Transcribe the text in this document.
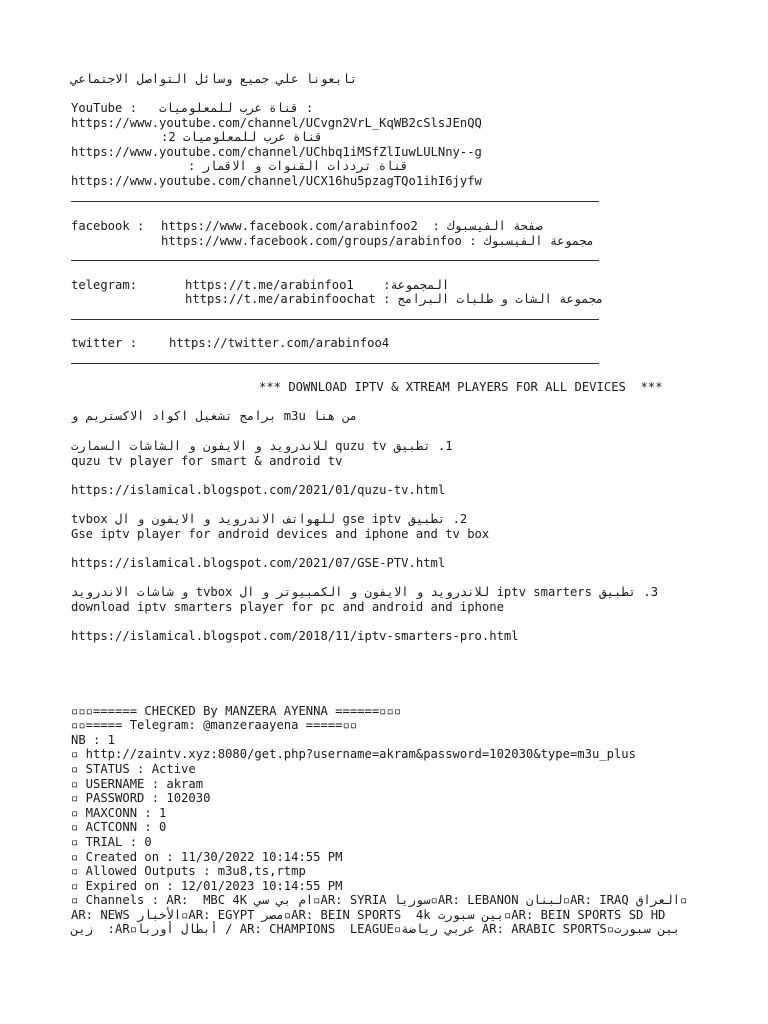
تابعونا علي جميع وسائل التواصل الاجتماعي
YouTube : قناة عرب للمعلوميات :
https://www.youtube.com/channel/UCvgn2VrL_KqWB2cSlsJEnQQ
قناة عرب للمعلوميات 2:
https://www.youtube.com/channel/UChbq1iMSfZlIuwLULNny--g
قناة ترددات القنوات و الاقمار :
https://www.youtube.com/channel/UCX16hu5pzagTQo1ihI6jyfw
facebook :	صفحة الفيسبوك :  https://www.facebook.com/arabinfoo2
مجموعة الفيسبوك : https://www.facebook.com/groups/arabinfoo
telegram:	المجموعة:    https://t.me/arabinfoo1
مجموعة الشات و طلبات البرامج : https://t.me/arabinfoochat
twitter :	https://twitter.com/arabinfoo4
*** DOWNLOAD IPTV & XTREAM PLAYERS FOR ALL DEVICES  ***
من هنا m3u برامج تشغيل اكواد الاكستريم و
1. تطبيق quzu tv للاندرويد و الايفون و الشاشات السمارت
quzu tv player for smart & android tv
https://islamical.blogspot.com/2021/01/quzu-tv.html
2. تطبيق gse iptv للهواتف الاندرويد و الايفون و ال tvbox
Gse iptv player for android devices and iphone and tv box
https://islamical.blogspot.com/2021/07/GSE-PTV.html
3. تطبيق iptv smarters للاندرويد و الايفون و الكمبيوتر و ال tvbox و شاشات الاندرويد
download iptv smarters player for pc and android and iphone
https://islamical.blogspot.com/2018/11/iptv-smarters-pro.html
▫▫▫====== CHECKED By MANZERA AYENNA ======▫▫▫
▫▫===== Telegram: @manzeraayena =====▫▫
NB : 1
▫ http://zaintv.xyz:8080/get.php?username=akram&password=102030&type=m3u_plus
▫ STATUS : Active
▫ USERNAME : akram
▫ PASSWORD : 102030
▫ MAXCONN : 1
▫ ACTCONN : 0
▫ TRIAL : 0
▫ Created on : 11/30/2022 10:14:55 PM
▫ Allowed Outputs : m3u8,ts,rtmp
▫ Expired on : 12/01/2023 10:14:55 PM
▫ Channels : AR:  MBC 4K ام بي سي▫AR: SYRIA سوريا▫AR: LEBANON لبنان▫AR: IRAQ العراق▫
AR: NEWS الأخبار▫AR: EGYPT مصر▫AR: BEIN SPORTS  4k بين سبورت▫AR: BEIN SPORTS SD HD
بين سبورت▫AR: ARABIC SPORTS عربي رياضة▫AR: CHAMPIONS  LEAGUE / أبطال أوربا▫AR:  زين
